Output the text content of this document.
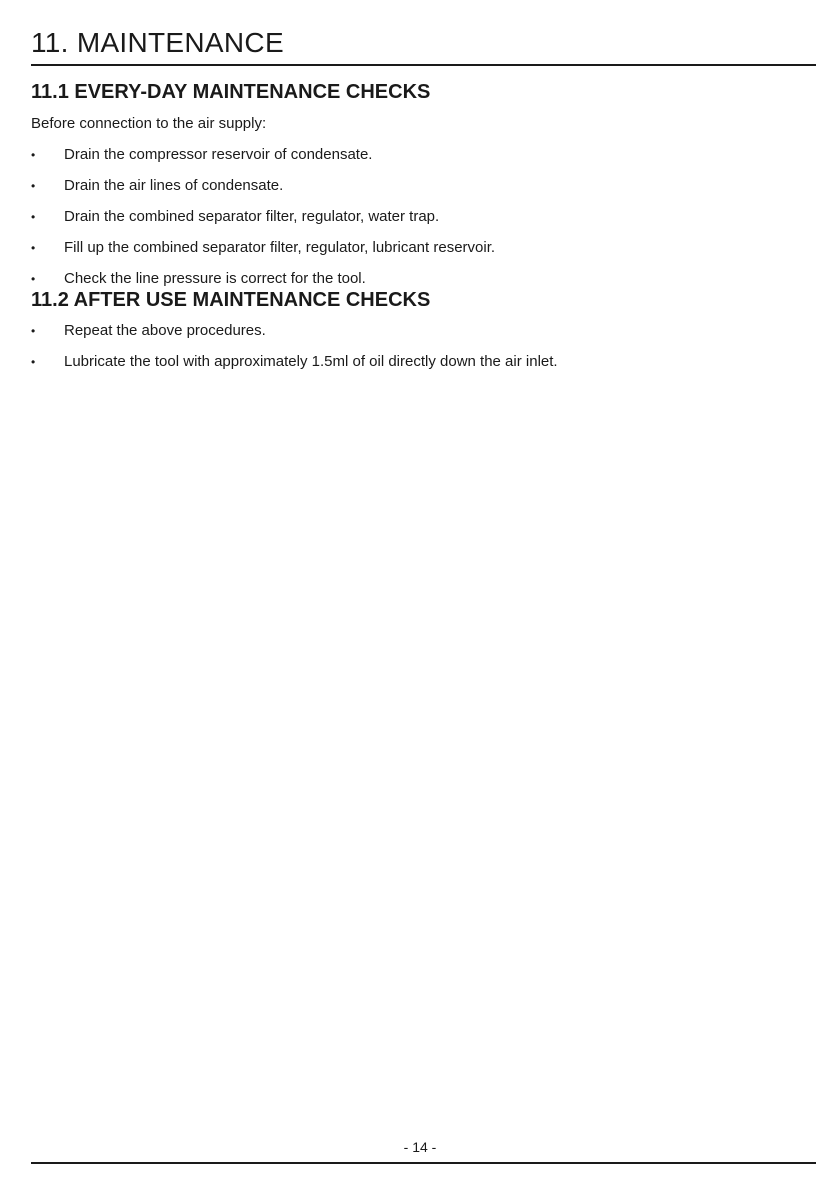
11. MAINTENANCE
11.1 EVERY-DAY MAINTENANCE CHECKS

Before connection to the air supply:

•	Drain the compressor reservoir of condensate.
•	Drain the air lines of condensate.
•	Drain the combined separator filter, regulator, water trap.
•	Fill up the combined separator filter, regulator, lubricant reservoir.
•	Check the line pressure is correct for the tool.
11.2 AFTER USE MAINTENANCE CHECKS
•	Repeat the above procedures.
•	Lubricate the tool with approximately 1.5ml of oil directly down the air inlet.
- 14 -
